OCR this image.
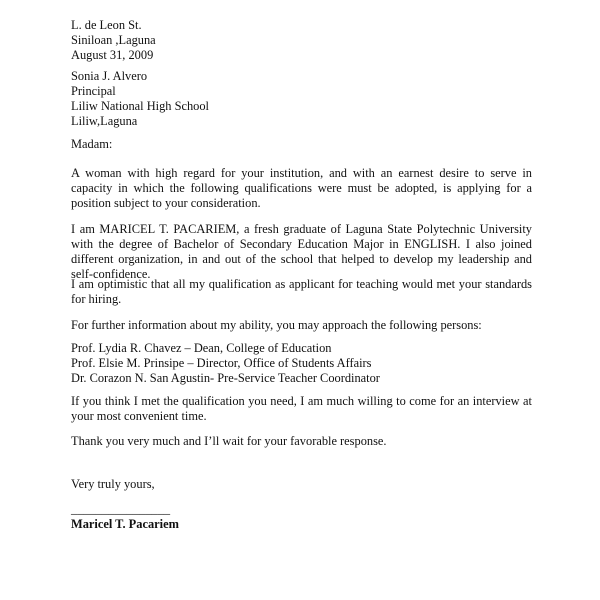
L. de Leon St.
Siniloan ,Laguna
August 31, 2009
Sonia J. Alvero
Principal
Liliw National High School
Liliw,Laguna
Madam:

A woman with high regard for your institution, and with an earnest desire to serve in capacity in which the following qualifications were must be adopted, is applying for a position subject to your consideration.

I am MARICEL T. PACARIEM, a fresh graduate of Laguna State Polytechnic University with the degree of Bachelor of Secondary Education Major in ENGLISH. I also joined different organization, in and out of the school that helped to develop my leadership and self-confidence.

I am optimistic that all my qualification as applicant for teaching would met your standards for hiring.

For further information about my ability, you may approach the following persons:

Prof. Lydia R. Chavez – Dean, College of Education
Prof. Elsie M. Prinsipe – Director, Office of Students Affairs
Dr. Corazon N. San Agustin- Pre-Service Teacher Coordinator

If you think I met the qualification you need, I am much willing to come for an interview at your most convenient time.

Thank you very much and I’ll wait for your favorable response.

Very truly yours,
________________
Maricel T. Pacariem
